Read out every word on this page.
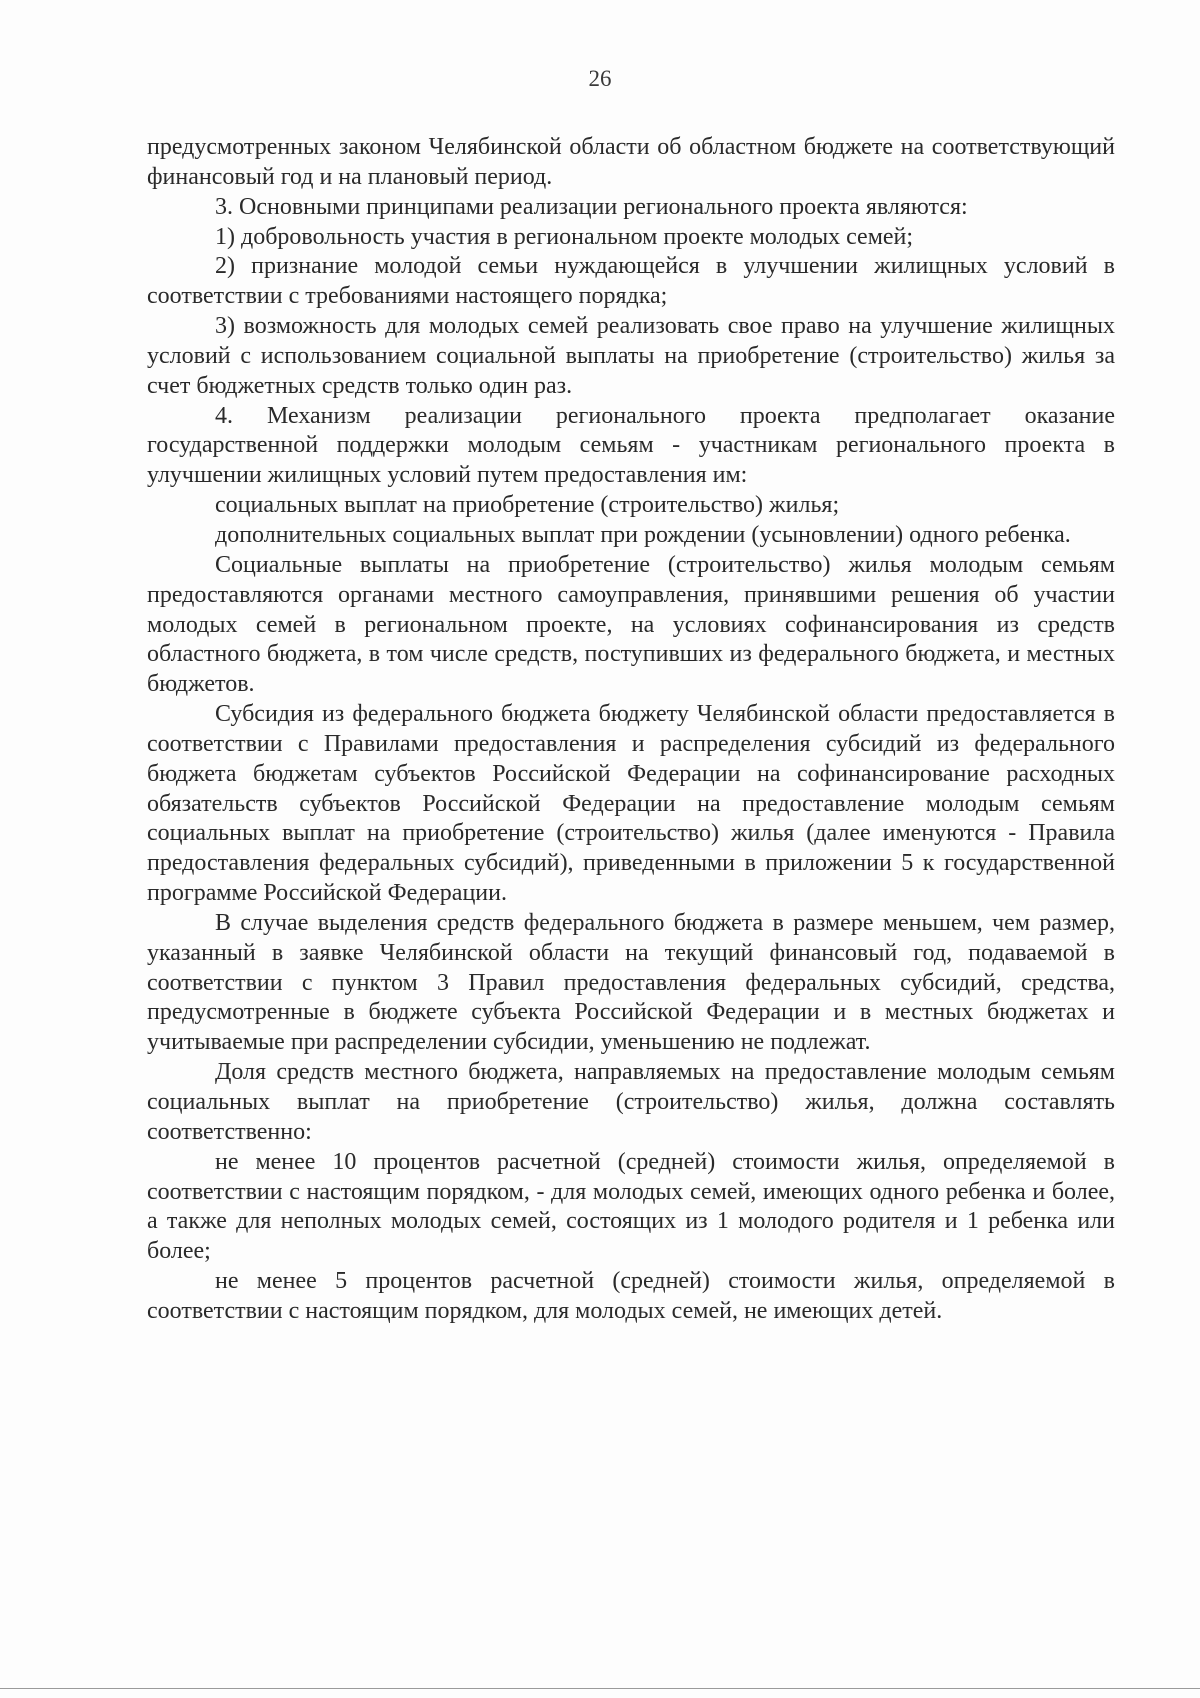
26

предусмотренных законом Челябинской области об областном бюджете на соответствующий финансовый год и на плановый период.

3. Основными принципами реализации регионального проекта являются:

1) добровольность участия в региональном проекте молодых семей;

2) признание молодой семьи нуждающейся в улучшении жилищных условий в соответствии с требованиями настоящего порядка;

3) возможность для молодых семей реализовать свое право на улучшение жилищных условий с использованием социальной выплаты на приобретение (строительство) жилья за счет бюджетных средств только один раз.

4. Механизм реализации регионального проекта предполагает оказание государственной поддержки молодым семьям - участникам регионального проекта в улучшении жилищных условий путем предоставления им:

социальных выплат на приобретение (строительство) жилья;

дополнительных социальных выплат при рождении (усыновлении) одного ребенка.

Социальные выплаты на приобретение (строительство) жилья молодым семьям предоставляются органами местного самоуправления, принявшими решения об участии молодых семей в региональном проекте, на условиях софинансирования из средств областного бюджета, в том числе средств, поступивших из федерального бюджета, и местных бюджетов.

Субсидия из федерального бюджета бюджету Челябинской области предоставляется в соответствии с Правилами предоставления и распределения субсидий из федерального бюджета бюджетам субъектов Российской Федерации на софинансирование расходных обязательств субъектов Российской Федерации на предоставление молодым семьям социальных выплат на приобретение (строительство) жилья (далее именуются - Правила предоставления федеральных субсидий), приведенными в приложении 5 к государственной программе Российской Федерации.

В случае выделения средств федерального бюджета в размере меньшем, чем размер, указанный в заявке Челябинской области на текущий финансовый год, подаваемой в соответствии с пунктом 3 Правил предоставления федеральных субсидий, средства, предусмотренные в бюджете субъекта Российской Федерации и в местных бюджетах и учитываемые при распределении субсидии, уменьшению не подлежат.

Доля средств местного бюджета, направляемых на предоставление молодым семьям социальных выплат на приобретение (строительство) жилья, должна составлять соответственно:

не менее 10 процентов расчетной (средней) стоимости жилья, определяемой в соответствии с настоящим порядком, - для молодых семей, имеющих одного ребенка и более, а также для неполных молодых семей, состоящих из 1 молодого родителя и 1 ребенка или более;

не менее 5 процентов расчетной (средней) стоимости жилья, определяемой в соответствии с настоящим порядком, для молодых семей, не имеющих детей.
